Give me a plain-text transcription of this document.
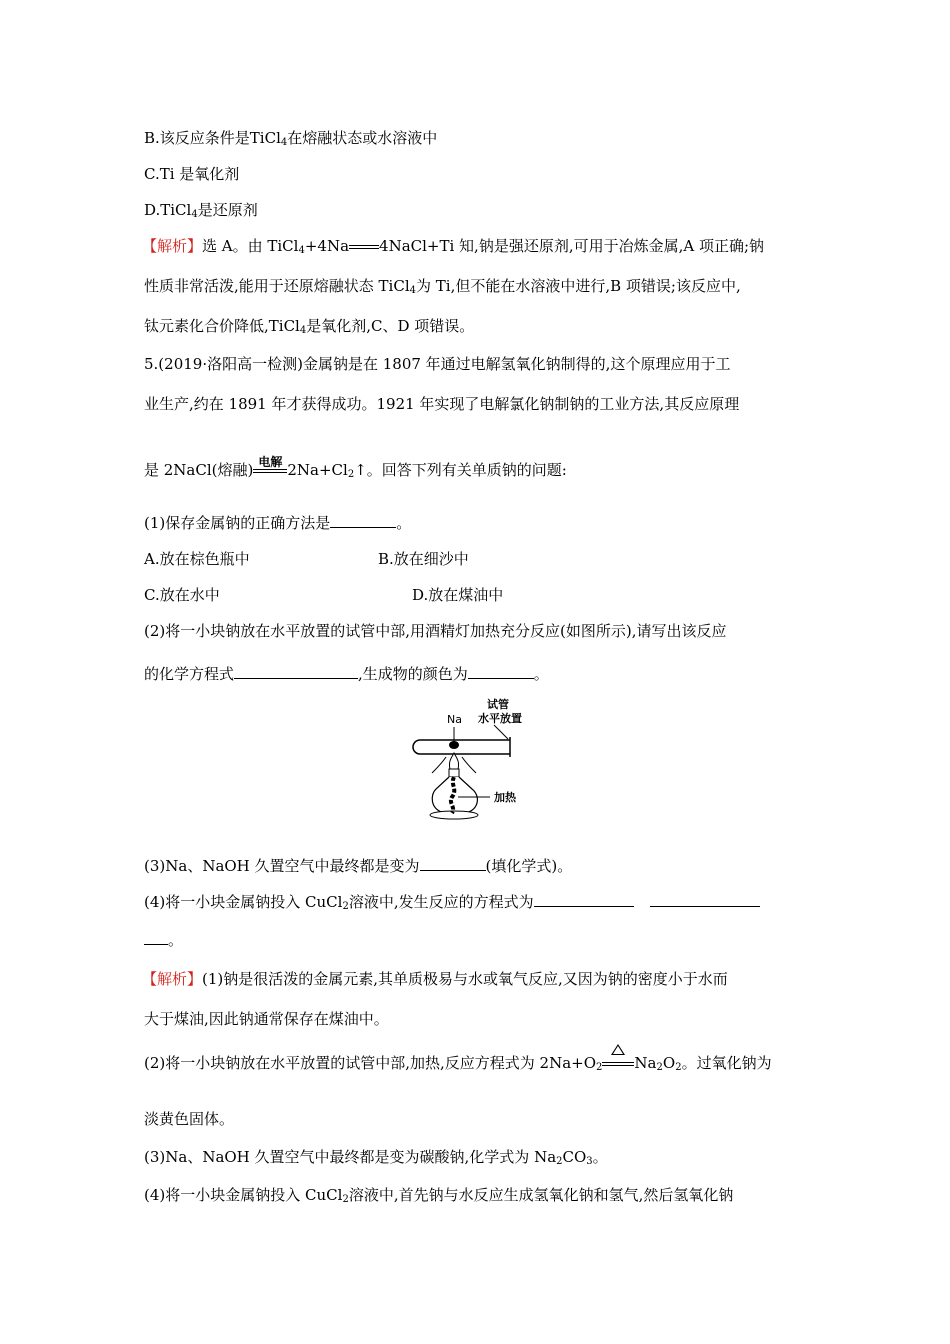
B.该反应条件是TiCl$_4$在熔融状态或水溶液中
C.Ti 是氧化剂
D.TiCl$_4$是还原剂
【解析】选 A。由 TiCl$_4$+4Na 4NaCl+Ti 知,钠是强还原剂,可用于冶炼金属,A 项正确;钠
性质非常活泼,能用于还原熔融状态 TiCl$_4$为 Ti,但不能在水溶液中进行,B 项错误;该反应中,
钛元素化合价降低,TiCl$_4$是氧化剂,C、D 项错误。
5.(2019·洛阳高一检测)金属钠是在 1807 年通过电解氢氧化钠制得的,这个原理应用于工
业生产,约在 1891 年才获得成功。1921 年实现了电解氯化钠制钠的工业方法,其反应原理
是 2NaCl(熔融) 电解 $2Na+Cl_2↑$。回答下列有关单质钠的问题:
(1)保存金属钠的正确方法是	。
A.放在棕色瓶中	B.放在细沙中
C.放在水中	D.放在煤油中
(2)将一小块钠放在水平放置的试管中部,用酒精灯加热充分反应(如图所示),请写出该反应
的化学方程式	,生成物的颜色为	。
试管
水平放置
Na
加热
(3)Na、NaOH 久置空气中最终都是变为	(填化学式)。
(4)将一小块金属钠投入 CuCl$_2$溶液中,发生反应的方程式为
。
【解析】(1)钠是很活泼的金属元素,其单质极易与水或氧气反应,又因为钠的密度小于水而
大于煤油,因此钠通常保存在煤油中。
(2)将一小块钠放在水平放置的试管中部,加热,反应方程式为 $2Na+O_2$ $Na_2O_2$。过氧化钠为
淡黄色固体。
(3)Na、NaOH 久置空气中最终都是变为碳酸钠,化学式为 $Na_2CO_3$。
(4)将一小块金属钠投入 CuCl$_2$溶液中,首先钠与水反应生成氢氧化钠和氢气,然后氢氧化钠
